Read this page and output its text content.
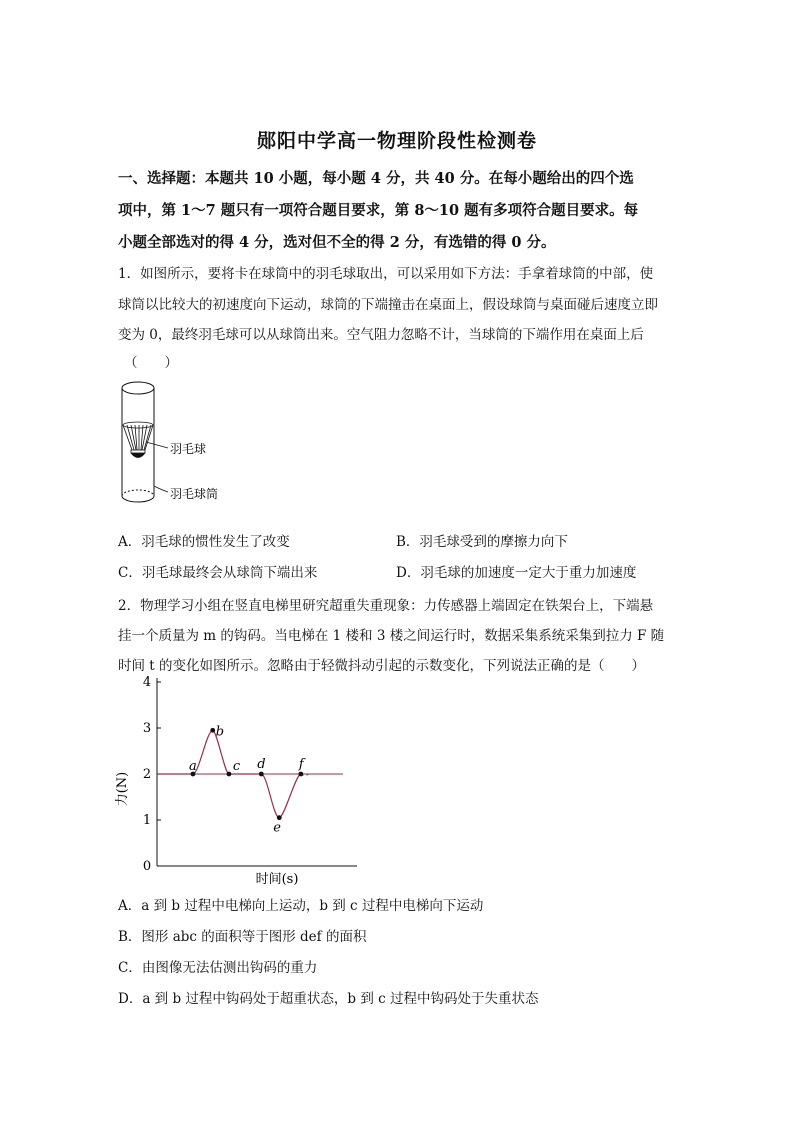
郧阳中学高一物理阶段性检测卷
一、选择题：本题共 10 小题，每小题 4 分，共 40 分。在每小题给出的四个选
项中，第 1～7 题只有一项符合题目要求，第 8～10 题有多项符合题目要求。每
小题全部选对的得 4 分，选对但不全的得 2 分，有选错的得 0 分。
1．如图所示，要将卡在球筒中的羽毛球取出，可以采用如下方法：手拿着球筒的中部，使
球筒以比较大的初速度向下运动，球筒的下端撞击在桌面上，假设球筒与桌面碰后速度立即
变为 0，最终羽毛球可以从球筒出来。空气阻力忽略不计，当球筒的下端作用在桌面上后
（　　）
羽毛球
羽毛球筒
A．羽毛球的惯性发生了改变	B．羽毛球受到的摩擦力向下
C．羽毛球最终会从球筒下端出来	D．羽毛球的加速度一定大于重力加速度
2．物理学习小组在竖直电梯里研究超重失重现象：力传感器上端固定在铁架台上，下端悬
挂一个质量为 m 的钩码。当电梯在 1 楼和 3 楼之间运行时，数据采集系统采集到拉力 F 随
时间 t 的变化如图所示。忽略由于轻微抖动引起的示数变化，下列说法正确的是（　　）
0
1
2
3
4
a
b
c d
e
f
力(N)
时间(s)
A．a 到 b 过程中电梯向上运动，b 到 c 过程中电梯向下运动
B．图形 abc 的面积等于图形 def 的面积
C．由图像无法估测出钩码的重力
D．a 到 b 过程中钩码处于超重状态，b 到 c 过程中钩码处于失重状态
